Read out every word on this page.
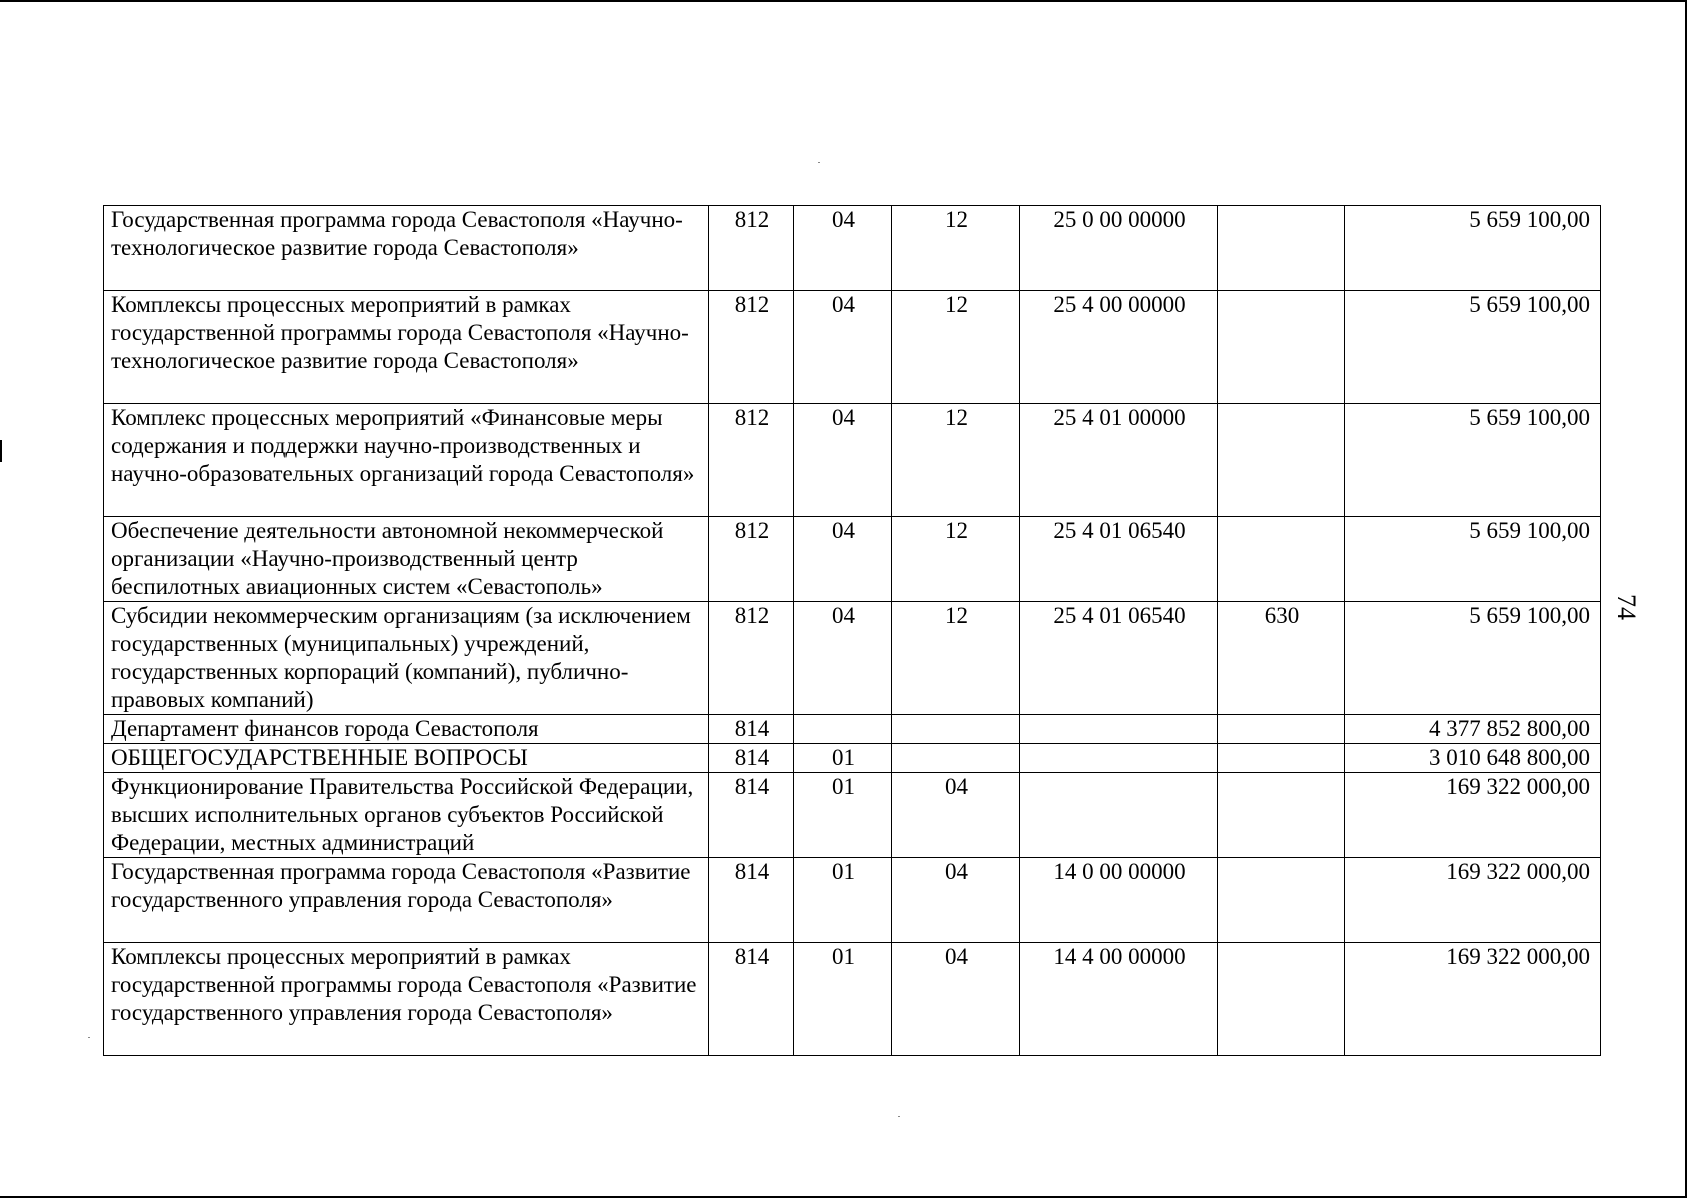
Государственная программа города Севастополя «Научно-технологическое развитие города Севастополя»	812	04	12	25 0 00 00000		5 659 100,00
Комплексы процессных мероприятий в рамках государственной программы города Севастополя «Научно-технологическое развитие города Севастополя»	812	04	12	25 4 00 00000		5 659 100,00
Комплекс процессных мероприятий «Финансовые меры содержания и поддержки научно-производственных и научно-образовательных организаций города Севастополя»	812	04	12	25 4 01 00000		5 659 100,00
Обеспечение деятельности автономной некоммерческой организации «Научно-производственный центр беспилотных авиационных систем «Севастополь»	812	04	12	25 4 01 06540		5 659 100,00
Субсидии некоммерческим организациям (за исключением государственных (муниципальных) учреждений, государственных корпораций (компаний), публично-правовых компаний)	812	04	12	25 4 01 06540	630	5 659 100,00
Департамент финансов города Севастополя	814					4 377 852 800,00
ОБЩЕГОСУДАРСТВЕННЫЕ ВОПРОСЫ	814	01				3 010 648 800,00
Функционирование Правительства Российской Федерации, высших исполнительных органов субъектов Российской Федерации, местных администраций	814	01	04			169 322 000,00
Государственная программа города Севастополя «Развитие государственного управления города Севастополя»	814	01	04	14 0 00 00000		169 322 000,00
Комплексы процессных мероприятий в рамках государственной программы города Севастополя «Развитие государственного управления города Севастополя»	814	01	04	14 4 00 00000		169 322 000,00
74
